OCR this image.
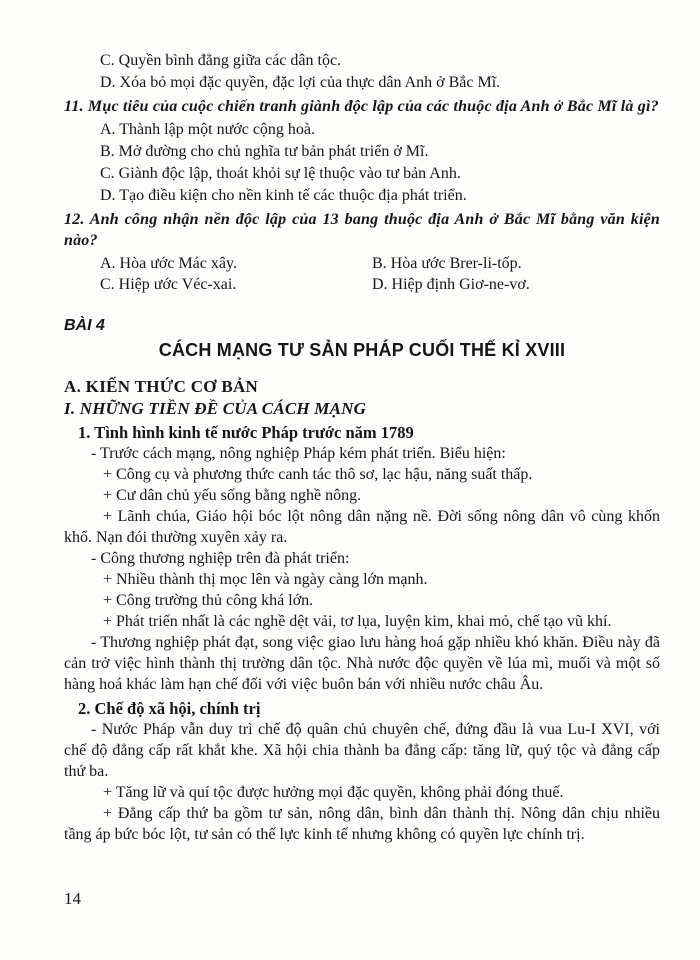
C. Quyền bình đẳng giữa các dân tộc.

D. Xóa bỏ mọi đặc quyền, đặc lợi của thực dân Anh ở Bắc Mĩ.

11. Mục tiêu của cuộc chiến tranh giành độc lập của các thuộc địa Anh ở Bắc Mĩ là gì?

A. Thành lập một nước cộng hoà.

B. Mở đường cho chủ nghĩa tư bản phát triển ở Mĩ.

C. Giành độc lập, thoát khỏi sự lệ thuộc vào tư bản Anh.

D. Tạo điều kiện cho nền kinh tế các thuộc địa phát triển.

12. Anh công nhận nền độc lập của 13 bang thuộc địa Anh ở Bắc Mĩ bằng văn kiện nào?

A. Hòa ước Mác xây.	B. Hòa ước Brer-li-tốp.

C. Hiệp ước Véc-xai.	D. Hiệp định Giơ-ne-vơ.

BÀI 4
CÁCH MẠNG TƯ SẢN PHÁP CUỐI THẾ KỈ XVIII
A. KIẾN THỨC CƠ BẢN
I. NHỮNG TIỀN ĐỀ CỦA CÁCH MẠNG
1. Tình hình kinh tế nước Pháp trước năm 1789

- Trước cách mạng, nông nghiệp Pháp kém phát triển. Biểu hiện:

+ Công cụ và phương thức canh tác thô sơ, lạc hậu, năng suất thấp.

+ Cư dân chủ yếu sống bằng nghề nông.

+ Lãnh chúa, Giáo hội bóc lột nông dân nặng nề. Đời sống nông dân vô cùng khốn khổ. Nạn đói thường xuyên xảy ra.

- Công thương nghiệp trên đà phát triển:

+ Nhiều thành thị mọc lên và ngày càng lớn mạnh.

+ Công trường thủ công khá lớn.

+ Phát triển nhất là các nghề dệt vải, tơ lụa, luyện kim, khai mỏ, chế tạo vũ khí.

- Thương nghiệp phát đạt, song việc giao lưu hàng hoá gặp nhiều khó khăn. Điều này đã cản trở việc hình thành thị trường dân tộc. Nhà nước độc quyền về lúa mì, muối và một số hàng hoá khác làm hạn chế đối với việc buôn bán với nhiều nước châu Âu.

2. Chế độ xã hội, chính trị

- Nước Pháp vẫn duy trì chế độ quân chủ chuyên chế, đứng đầu là vua Lu-I XVI, với chế độ đẳng cấp rất khắt khe. Xã hội chia thành ba đẳng cấp: tăng lữ, quý tộc và đẳng cấp thứ ba.

+ Tăng lữ và quí tộc được hưởng mọi đặc quyền, không phải đóng thuế.

+ Đẳng cấp thứ ba gồm tư sản, nông dân, bình dân thành thị. Nông dân chịu nhiều tầng áp bức bóc lột, tư sản có thế lực kinh tế nhưng không có quyền lực chính trị.

14
